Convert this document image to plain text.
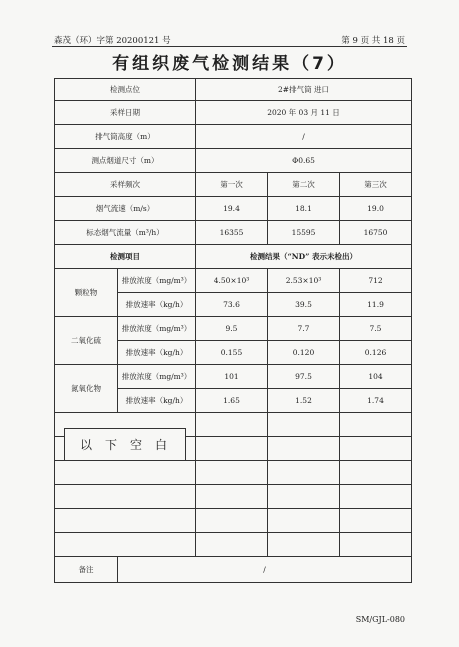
森茂（环）字第 20200121 号	第 9 页 共 18 页
有组织废气检测结果（7）
检测点位		2#排气筒 进口		
采样日期		2020 年 03 月 11 日		
排气筒高度（m）		/		
测点烟道尺寸（m）		Φ0.65		
采样频次		第一次	第二次	第三次
烟气流速（m/s）		19.4	18.1	19.0
标态烟气流量（m³/h）		16355	15595	16750
检测项目		检测结果（“ND” 表示未检出）		
颗粒物	排放浓度（mg/m³）	4.50×10³	2.53×10³	712
	排放速率（kg/h）	73.6	39.5	11.9
二氧化硫	排放浓度（mg/m³）	9.5	7.7	7.5
	排放速率（kg/h）	0.155	0.120	0.126
氮氧化物	排放浓度（mg/m³）	101	97.5	104
	排放速率（kg/h）	1.65	1.52	1.74

备注	/			
以下空白
SM/GJL-080
